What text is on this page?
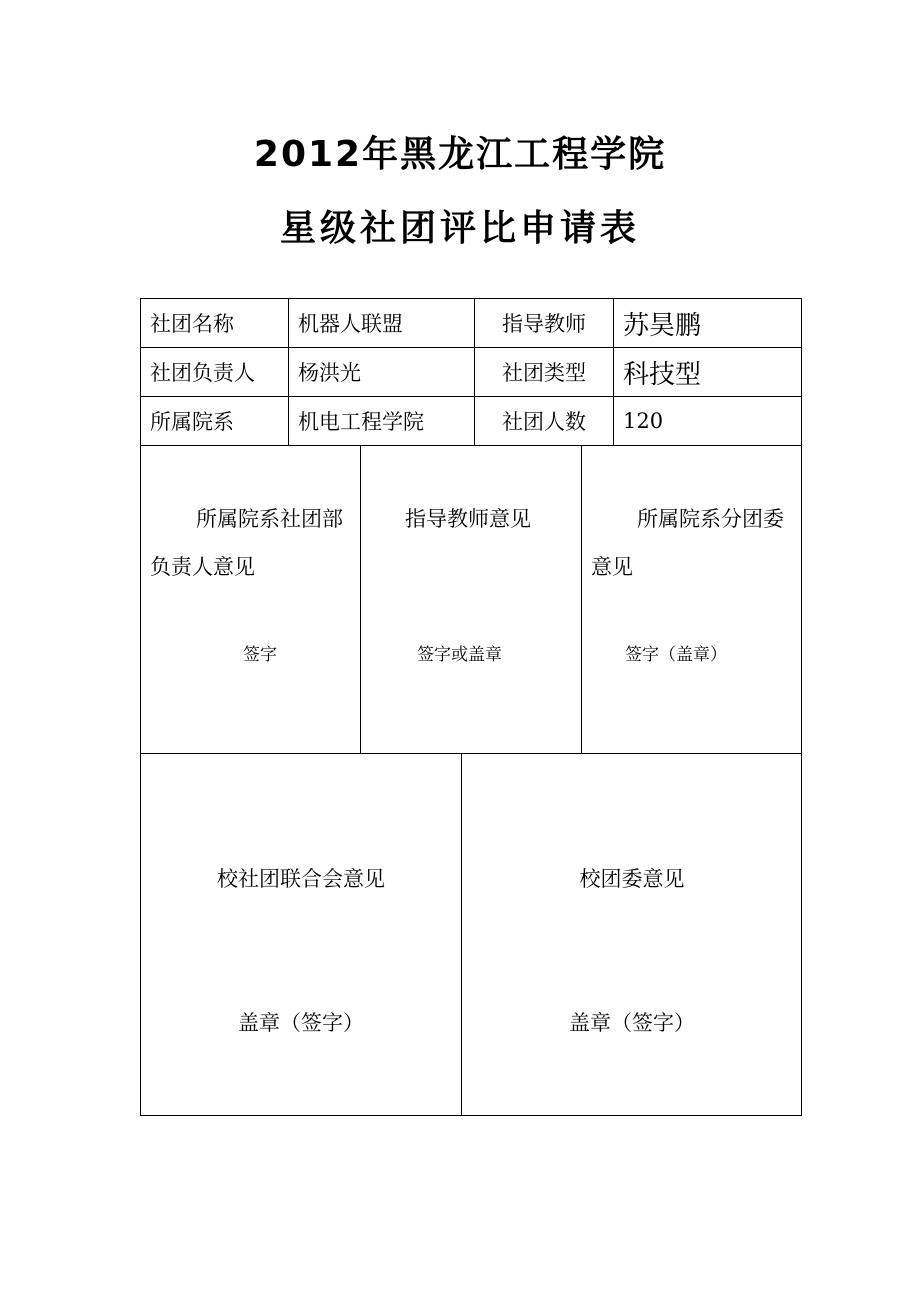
2012年黑龙江工程学院
星级社团评比申请表
社团名称	机器人联盟	指导教师	苏昊鹏
社团负责人	杨洪光	社团类型	科技型
所属院系	机电工程学院	社团人数	120
所属院系社团部负责人意见
签字
指导教师意见
签字或盖章
所属院系分团委意见
签字（盖章）
校社团联合会意见
盖章（签字）
校团委意见
盖章（签字）
